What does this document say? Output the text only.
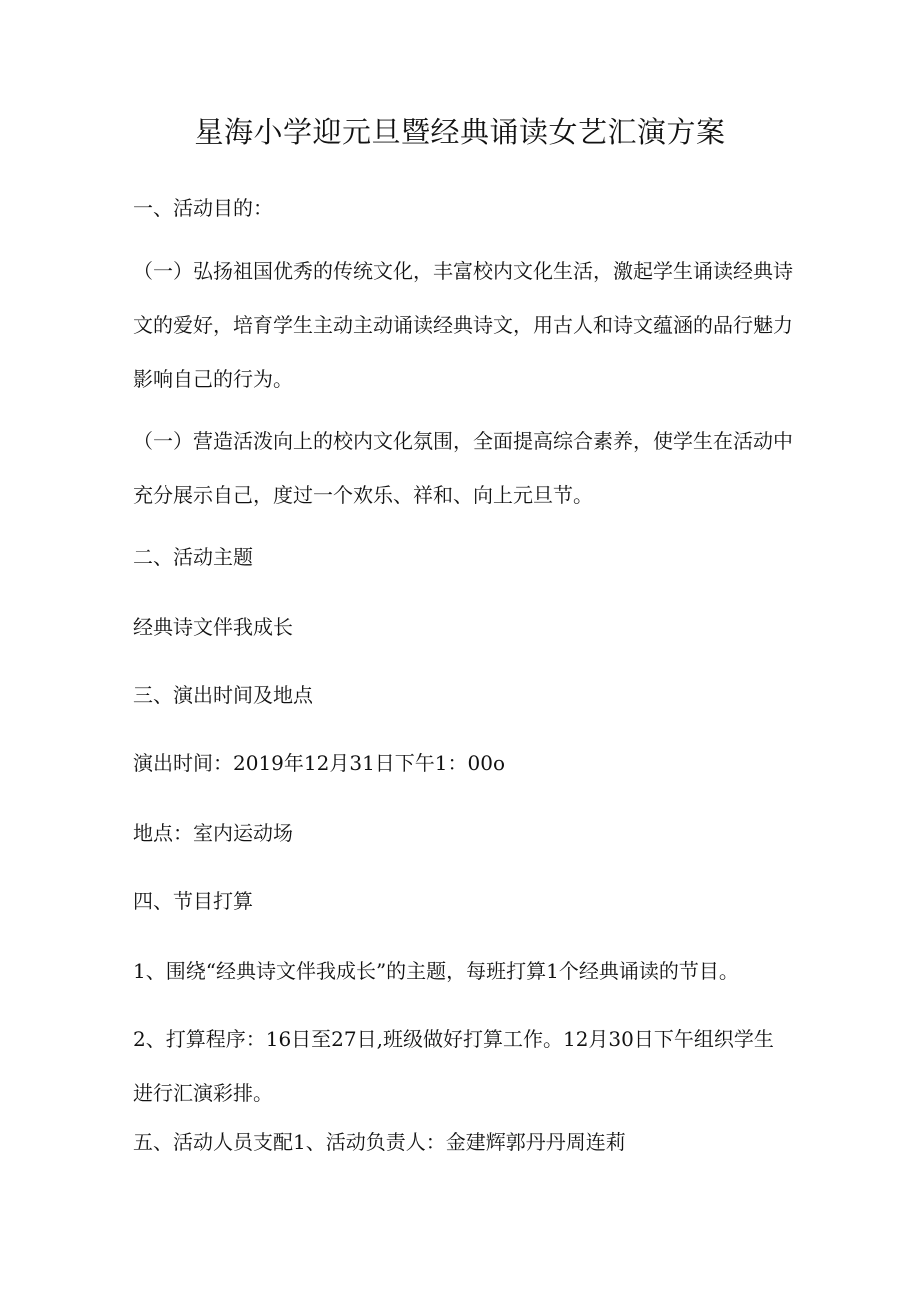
星海小学迎元旦暨经典诵读女艺汇演方案
一、活动目的：
（一）弘扬祖国优秀的传统文化，丰富校内文化生活，激起学生诵读经典诗文的爱好，培育学生主动主动诵读经典诗文，用古人和诗文蕴涵的品行魅力影响自己的行为。
（一）营造活泼向上的校内文化氛围，全面提高综合素养，使学生在活动中充分展示自己，度过一个欢乐、祥和、向上元旦节。
二、活动主题
经典诗文伴我成长
三、演出时间及地点
演出时间：2019年12月31日下午1：00o
地点：室内运动场
四、节目打算
1、围绕“经典诗文伴我成长”的主题，每班打算1个经典诵读的节目。
2、打算程序：16日至27日,班级做好打算工作。12月30日下午组织学生进行汇演彩排。
五、活动人员支配1、活动负责人：金建辉郭丹丹周连莉
